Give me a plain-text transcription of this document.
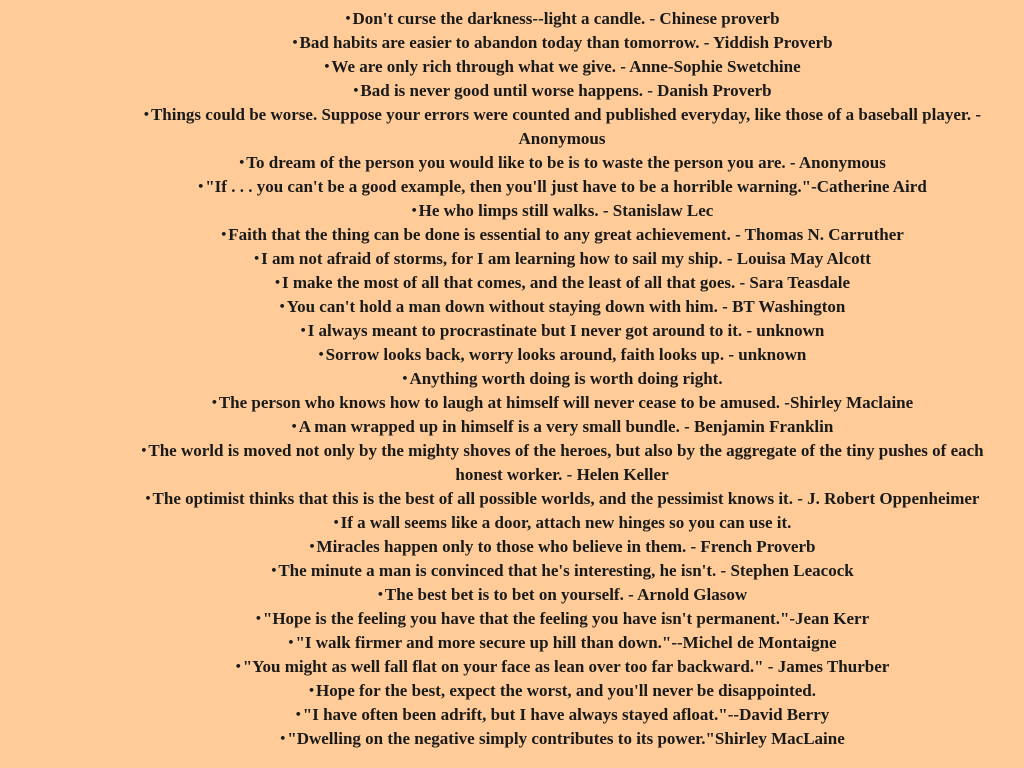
•Don't curse the darkness--light a candle. - Chinese proverb
•Bad habits are easier to abandon today than tomorrow. - Yiddish Proverb
•We are only rich through what we give. - Anne-Sophie Swetchine
•Bad is never good until worse happens. - Danish Proverb
•Things could be worse. Suppose your errors were counted and published everyday, like those of a baseball player. - Anonymous
•To dream of the person you would like to be is to waste the person you are. - Anonymous
•"If . . . you can't be a good example, then you'll just have to be a horrible warning."-Catherine Aird
•He who limps still walks. - Stanislaw Lec
•Faith that the thing can be done is essential to any great achievement. - Thomas N. Carruther
•I am not afraid of storms, for I am learning how to sail my ship. - Louisa May Alcott
•I make the most of all that comes, and the least of all that goes. - Sara Teasdale
•You can't hold a man down without staying down with him. - BT Washington
•I always meant to procrastinate but I never got around to it. - unknown
•Sorrow looks back, worry looks around, faith looks up. - unknown
•Anything worth doing is worth doing right.
•The person who knows how to laugh at himself will never cease to be amused. -Shirley Maclaine
•A man wrapped up in himself is a very small bundle. - Benjamin Franklin
•The world is moved not only by the mighty shoves of the heroes, but also by the aggregate of the tiny pushes of each honest worker. - Helen Keller
•The optimist thinks that this is the best of all possible worlds, and the pessimist knows it. - J. Robert Oppenheimer
•If a wall seems like a door, attach new hinges so you can use it.
•Miracles happen only to those who believe in them. - French Proverb
•The minute a man is convinced that he's interesting, he isn't. - Stephen Leacock
•The best bet is to bet on yourself. - Arnold Glasow
•"Hope is the feeling you have that the feeling you have isn't permanent."-Jean Kerr
•"I walk firmer and more secure up hill than down."--Michel de Montaigne
•"You might as well fall flat on your face as lean over too far backward." - James Thurber
•Hope for the best, expect the worst, and you'll never be disappointed.
•"I have often been adrift, but I have always stayed afloat."--David Berry
•"Dwelling on the negative simply contributes to its power."Shirley MacLaine
